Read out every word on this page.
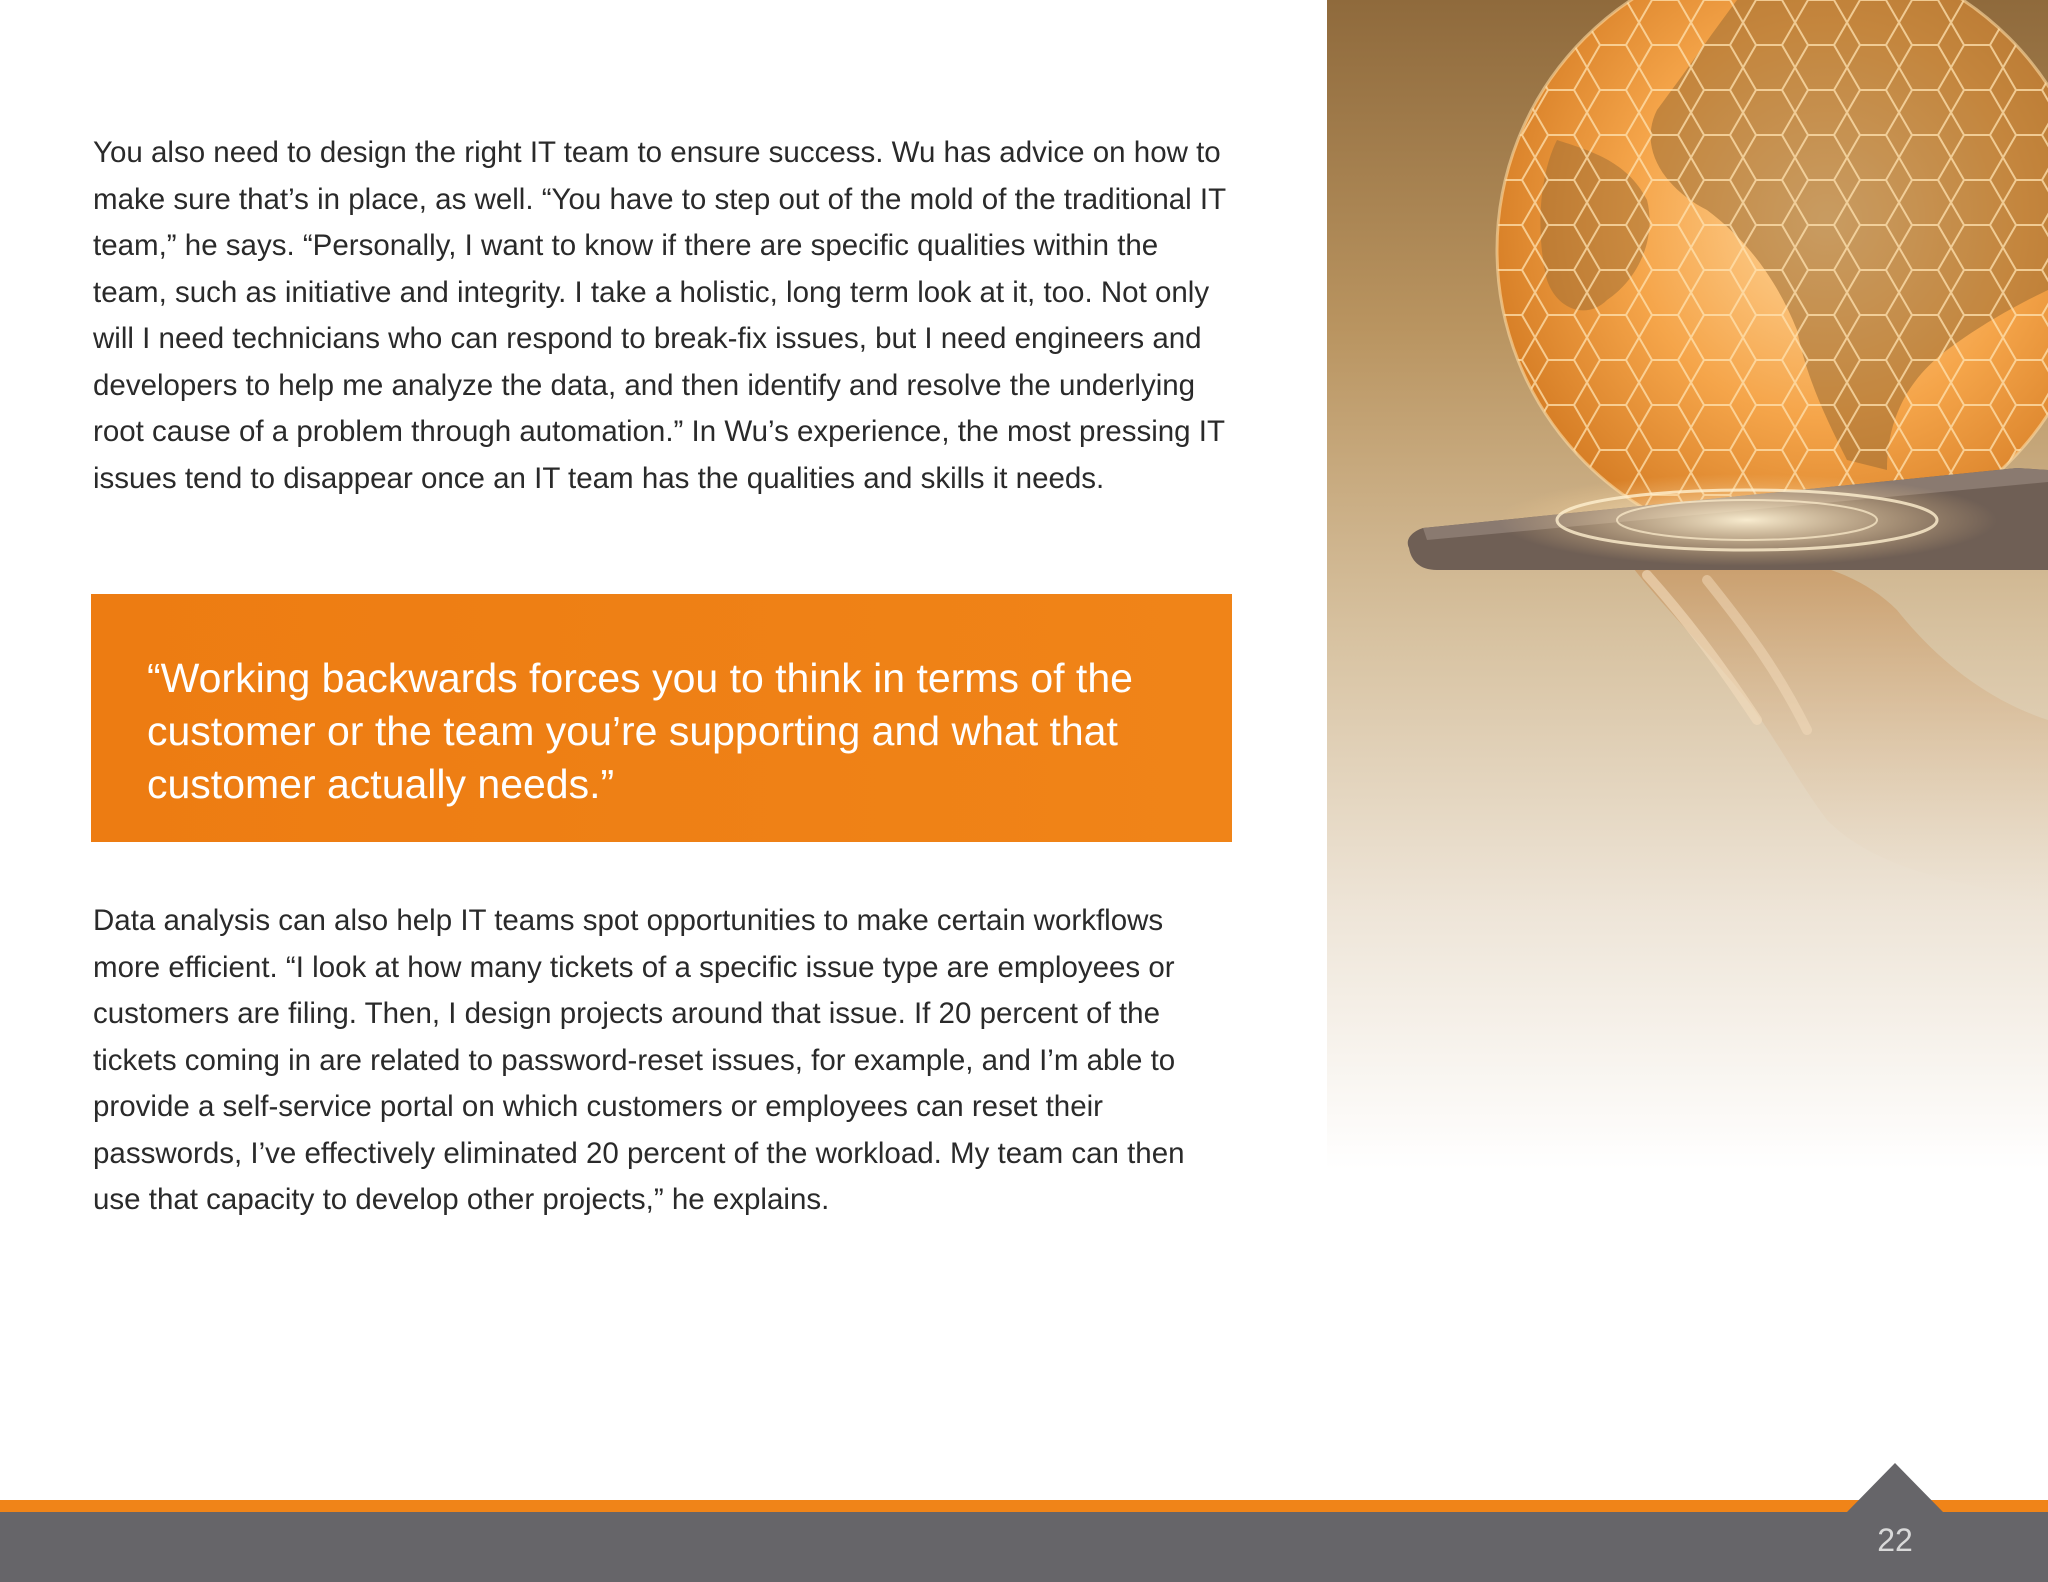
You also need to design the right IT team to ensure success. Wu has advice on how to make sure that’s in place, as well. “You have to step out of the mold of the traditional IT team,” he says. “Personally, I want to know if there are specific qualities within the team, such as initiative and integrity. I take a holistic, long term look at it, too. Not only will I need technicians who can respond to break-fix issues, but I need engineers and developers to help me analyze the data, and then identify and resolve the underlying root cause of a problem through automation.” In Wu’s experience, the most pressing IT issues tend to disappear once an IT team has the qualities and skills it needs.

“Working backwards forces you to think in terms of the customer or the team you’re supporting and what that customer actually needs.”

Data analysis can also help IT teams spot opportunities to make certain workflows more efficient. “I look at how many tickets of a specific issue type are employees or customers are filing. Then, I design projects around that issue. If 20 percent of the tickets coming in are related to password-reset issues, for example, and I’m able to provide a self-service portal on which customers or employees can reset their passwords, I’ve effectively eliminated 20 percent of the workload. My team can then use that capacity to develop other projects,” he explains.

22
